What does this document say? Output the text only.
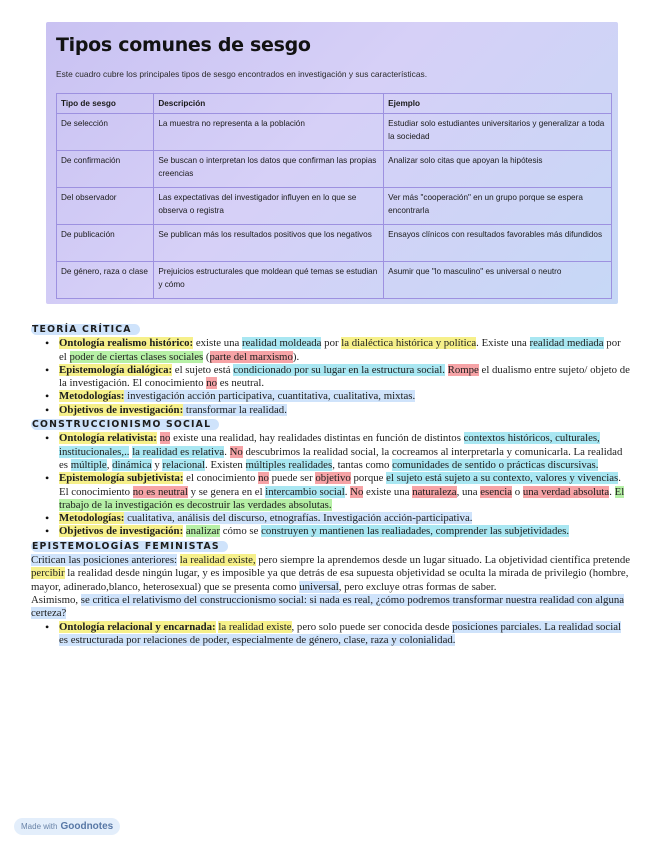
Tipos comunes de sesgo
Este cuadro cubre los principales tipos de sesgo encontrados en investigación y sus características.
Tipo de sesgo	Descripción	Ejemplo
De selección	La muestra no representa a la población	Estudiar solo estudiantes universitarios y generalizar a toda la sociedad
De confirmación	Se buscan o interpretan los datos que confirman las propias creencias	Analizar solo citas que apoyan la hipótesis
Del observador	Las expectativas del investigador influyen en lo que se observa o registra	Ver más "cooperación" en un grupo porque se espera encontrarla
De publicación	Se publican más los resultados positivos que los negativos	Ensayos clínicos con resultados favorables más difundidos
De género, raza o clase	Prejuicios estructurales que moldean qué temas se estudian y cómo	Asumir que "lo masculino" es universal o neutro
TEORÍA CRÍTICA
• Ontología realismo histórico: existe una realidad moldeada por la dialéctica histórica y política. Existe una realidad mediada por el poder de ciertas clases sociales (parte del marxismo).
• Epistemología dialógica: el sujeto está condicionado por su lugar en la estructura social. Rompe el dualismo entre sujeto/ objeto de la investigación. El conocimiento no es neutral.
• Metodologías: investigación acción participativa, cuantitativa, cualitativa, mixtas.
• Objetivos de investigación: transformar la realidad.
CONSTRUCCIONISMO SOCIAL
• Ontología relativista: no existe una realidad, hay realidades distintas en función de distintos contextos históricos, culturales, institucionales,.. la realidad es relativa. No descubrimos la realidad social, la cocreamos al interpretarla y comunicarla. La realidad es múltiple, dinámica y relacional. Existen múltiples realidades, tantas como comunidades de sentido o prácticas discursivas.
• Epistemología subjetivista: el conocimiento no puede ser objetivo porque el sujeto está sujeto a su contexto, valores y vivencias. El conocimiento no es neutral y se genera en el intercambio social. No existe una naturaleza, una esencia o una verdad absoluta. El trabajo de la investigación es decostruir las verdades absolutas.
• Metodologías: cualitativa, análisis del discurso, etnografías. Investigación acción-participativa.
• Objetivos de investigación: analizar cómo se construyen y mantienen las realiadades, comprender las subjetividades.
EPISTEMOLOGÍAS FEMINISTAS

Critican las posiciones anteriores: la realidad existe, pero siempre la aprendemos desde un lugar situado. La objetividad científica pretende percibir la realidad desde ningún lugar, y es imposible ya que detrás de esa supuesta objetividad se oculta la mirada de privilegio (hombre, mayor, adinerado,blanco, heterosexual) que se presenta como universal, pero excluye otras formas de saber.

Asimismo, se critica el relativismo del construccionismo social: si nada es real, ¿cómo podremos transformar nuestra realidad con alguna certeza?

• Ontología relacional y encarnada: la realidad existe, pero solo puede ser conocida desde posiciones parciales. La realidad social es estructurada por relaciones de poder, especialmente de género, clase, raza y colonialidad.
Made with Goodnotes
